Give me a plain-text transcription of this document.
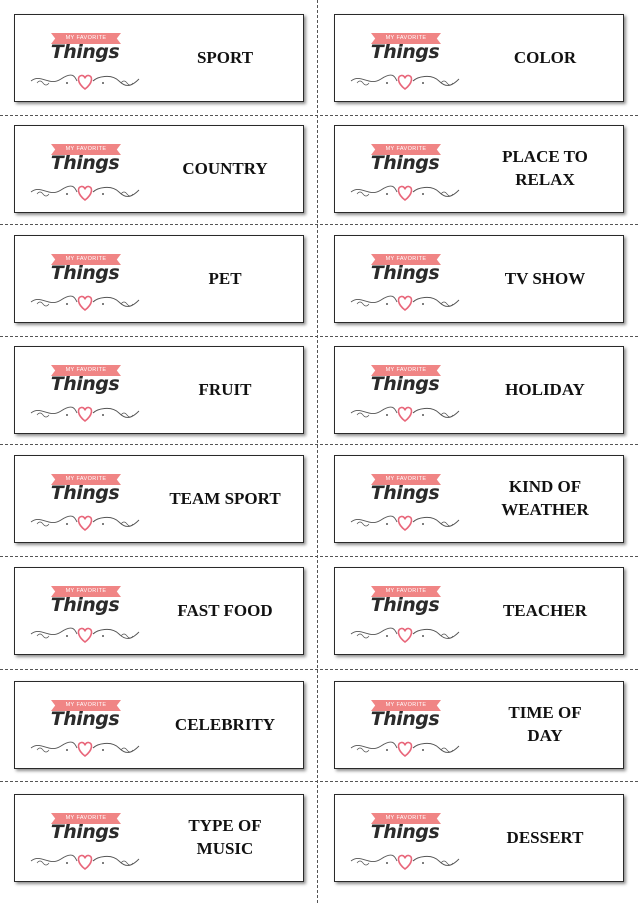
MY FAVORITE
Things	SPORT
MY FAVORITE
Things	COLOR
MY FAVORITE
Things	COUNTRY
MY FAVORITE
Things	PLACE TO
RELAX
MY FAVORITE
Things	PET
MY FAVORITE
Things	TV SHOW
MY FAVORITE
Things	FRUIT
MY FAVORITE
Things	HOLIDAY
MY FAVORITE
Things	TEAM SPORT
MY FAVORITE
Things	KIND OF
WEATHER
MY FAVORITE
Things	FAST FOOD
MY FAVORITE
Things	TEACHER
MY FAVORITE
Things	CELEBRITY
MY FAVORITE
Things	TIME OF
DAY
MY FAVORITE
Things	TYPE OF
MUSIC
MY FAVORITE
Things	DESSERT
